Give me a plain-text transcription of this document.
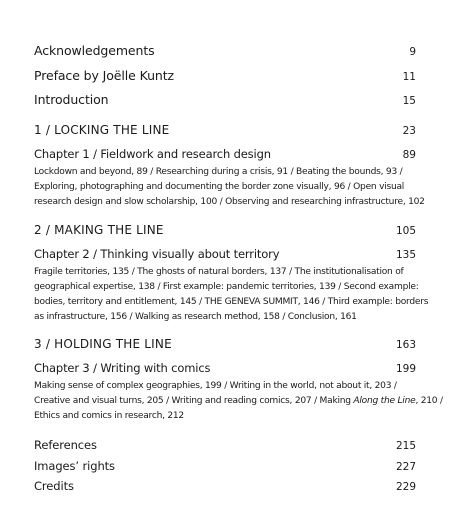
Acknowledgements	9
Preface by Joëlle Kuntz	11
Introduction	15
1 / LOCKING THE LINE	23
Chapter 1 / Fieldwork and research design	89
Lockdown and beyond, 89 / Researching during a crisis, 91 / Beating the bounds, 93 /
Exploring, photographing and documenting the border zone visually, 96 / Open visual
research design and slow scholarship, 100 / Observing and researching infrastructure, 102
2 / MAKING THE LINE	105
Chapter 2 / Thinking visually about territory	135
Fragile territories, 135 / The ghosts of natural borders, 137 / The institutionalisation of
geographical expertise, 138 / First example: pandemic territories, 139 / Second example:
bodies, territory and entitlement, 145 / THE GENEVA SUMMIT, 146 / Third example: borders
as infrastructure, 156 / Walking as research method, 158 / Conclusion, 161
3 / HOLDING THE LINE	163
Chapter 3 / Writing with comics	199
Making sense of complex geographies, 199 / Writing in the world, not about it, 203 /
Creative and visual turns, 205 / Writing and reading comics, 207 / Making Along the Line, 210 /
Ethics and comics in research, 212
References	215
Images’ rights	227
Credits	229
